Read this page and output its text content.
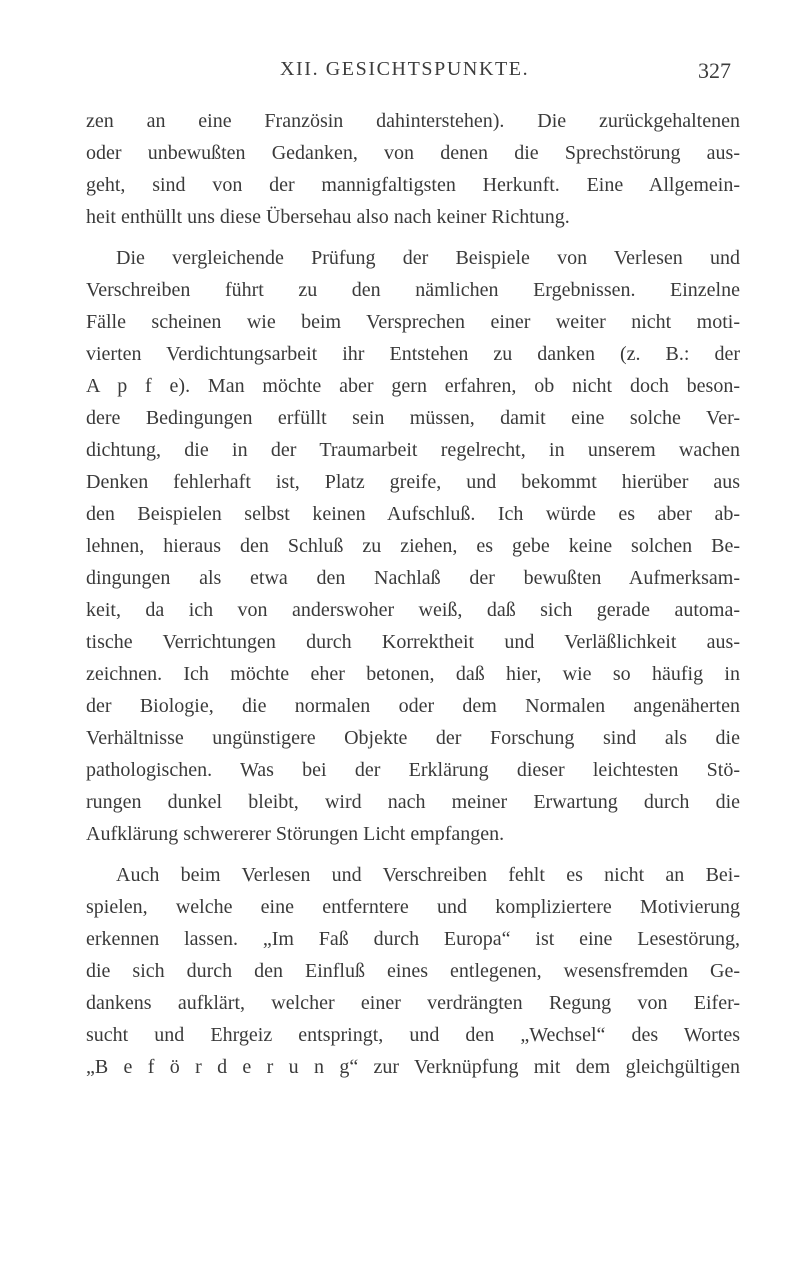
XII. GESICHTSPUNKTE.	327
zen an eine Französin dahinterstehen). Die zurückgehaltenen
oder unbewußten Gedanken, von denen die Sprechstörung aus-
geht, sind von der mannigfaltigsten Herkunft. Eine Allgemein-
heit enthüllt uns diese Übersehau also nach keiner Richtung.
Die vergleichende Prüfung der Beispiele von Verlesen und
Verschreiben führt zu den nämlichen Ergebnissen. Einzelne
Fälle scheinen wie beim Versprechen einer weiter nicht moti-
vierten Verdichtungsarbeit ihr Entstehen zu danken (z. B.: der
A p f e). Man möchte aber gern erfahren, ob nicht doch beson-
dere Bedingungen erfüllt sein müssen, damit eine solche Ver-
dichtung, die in der Traumarbeit regelrecht, in unserem wachen
Denken fehlerhaft ist, Platz greife, und bekommt hierüber aus
den Beispielen selbst keinen Aufschluß. Ich würde es aber ab-
lehnen, hieraus den Schluß zu ziehen, es gebe keine solchen Be-
dingungen als etwa den Nachlaß der bewußten Aufmerksam-
keit, da ich von anderswoher weiß, daß sich gerade automa-
tische Verrichtungen durch Korrektheit und Verläßlichkeit aus-
zeichnen. Ich möchte eher betonen, daß hier, wie so häufig in
der Biologie, die normalen oder dem Normalen angenäherten
Verhältnisse ungünstigere Objekte der Forschung sind als die
pathologischen. Was bei der Erklärung dieser leichtesten Stö-
rungen dunkel bleibt, wird nach meiner Erwartung durch die
Aufklärung schwererer Störungen Licht empfangen.
Auch beim Verlesen und Verschreiben fehlt es nicht an Bei-
spielen, welche eine entferntere und kompliziertere Motivierung
erkennen lassen. „Im Faß durch Europa“ ist eine Lesestörung,
die sich durch den Einfluß eines entlegenen, wesensfremden Ge-
dankens aufklärt, welcher einer verdrängten Regung von Eifer-
sucht und Ehrgeiz entspringt, und den „Wechsel“ des Wortes
„B e f ö r d e r u n g“ zur Verknüpfung mit dem gleichgültigen
